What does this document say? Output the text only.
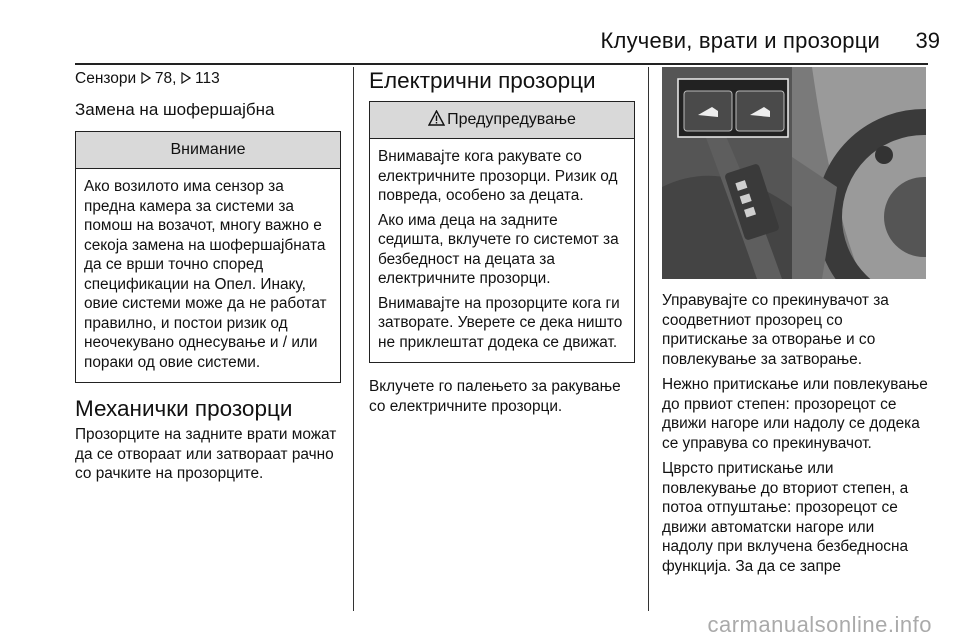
Клучеви, врати и прозорци	39
Сензори 78, 113
Замена на шофершајбна
Внимание

Ако возилото има сензор за предна камера за системи за помош на возачот, многу важно е секоја замена на шофершајбната да се врши точно според спецификации на Опел. Инаку, овие системи може да не работат правилно, и постои ризик од неочекувано однесување и / или пораки од овие системи.

Механички прозорци

Прозорците на задните врати можат да се отвораат или затвораат рачно со рачките на прозорците.

Електрични прозорци
Предупредување

Внимавајте кога ракувате со електричните прозорци. Ризик од повреда, особено за децата.

Ако има деца на задните седишта, вклучете го системот за безбедност на децата за електричните прозорци.

Внимавајте на прозорците кога ги затворате. Уверете се дека ништо не приклештат додека се движат.

Вклучете го палењето за ракување со електричните прозорци.

Управувајте со прекинувачот за соодветниот прозорец со притискање за отворање и со повлекување за затворање.

Нежно притискање или повлекување до првиот степен: прозорецот се движи нагоре или надолу се додека се управува со прекинувачот.

Цврсто притискање или повлекување до вториот степен, а потоа отпуштање: прозорецот се движи автоматски нагоре или надолу при вклучена безбедносна функција. За да се запре

carmanualsonline.info
